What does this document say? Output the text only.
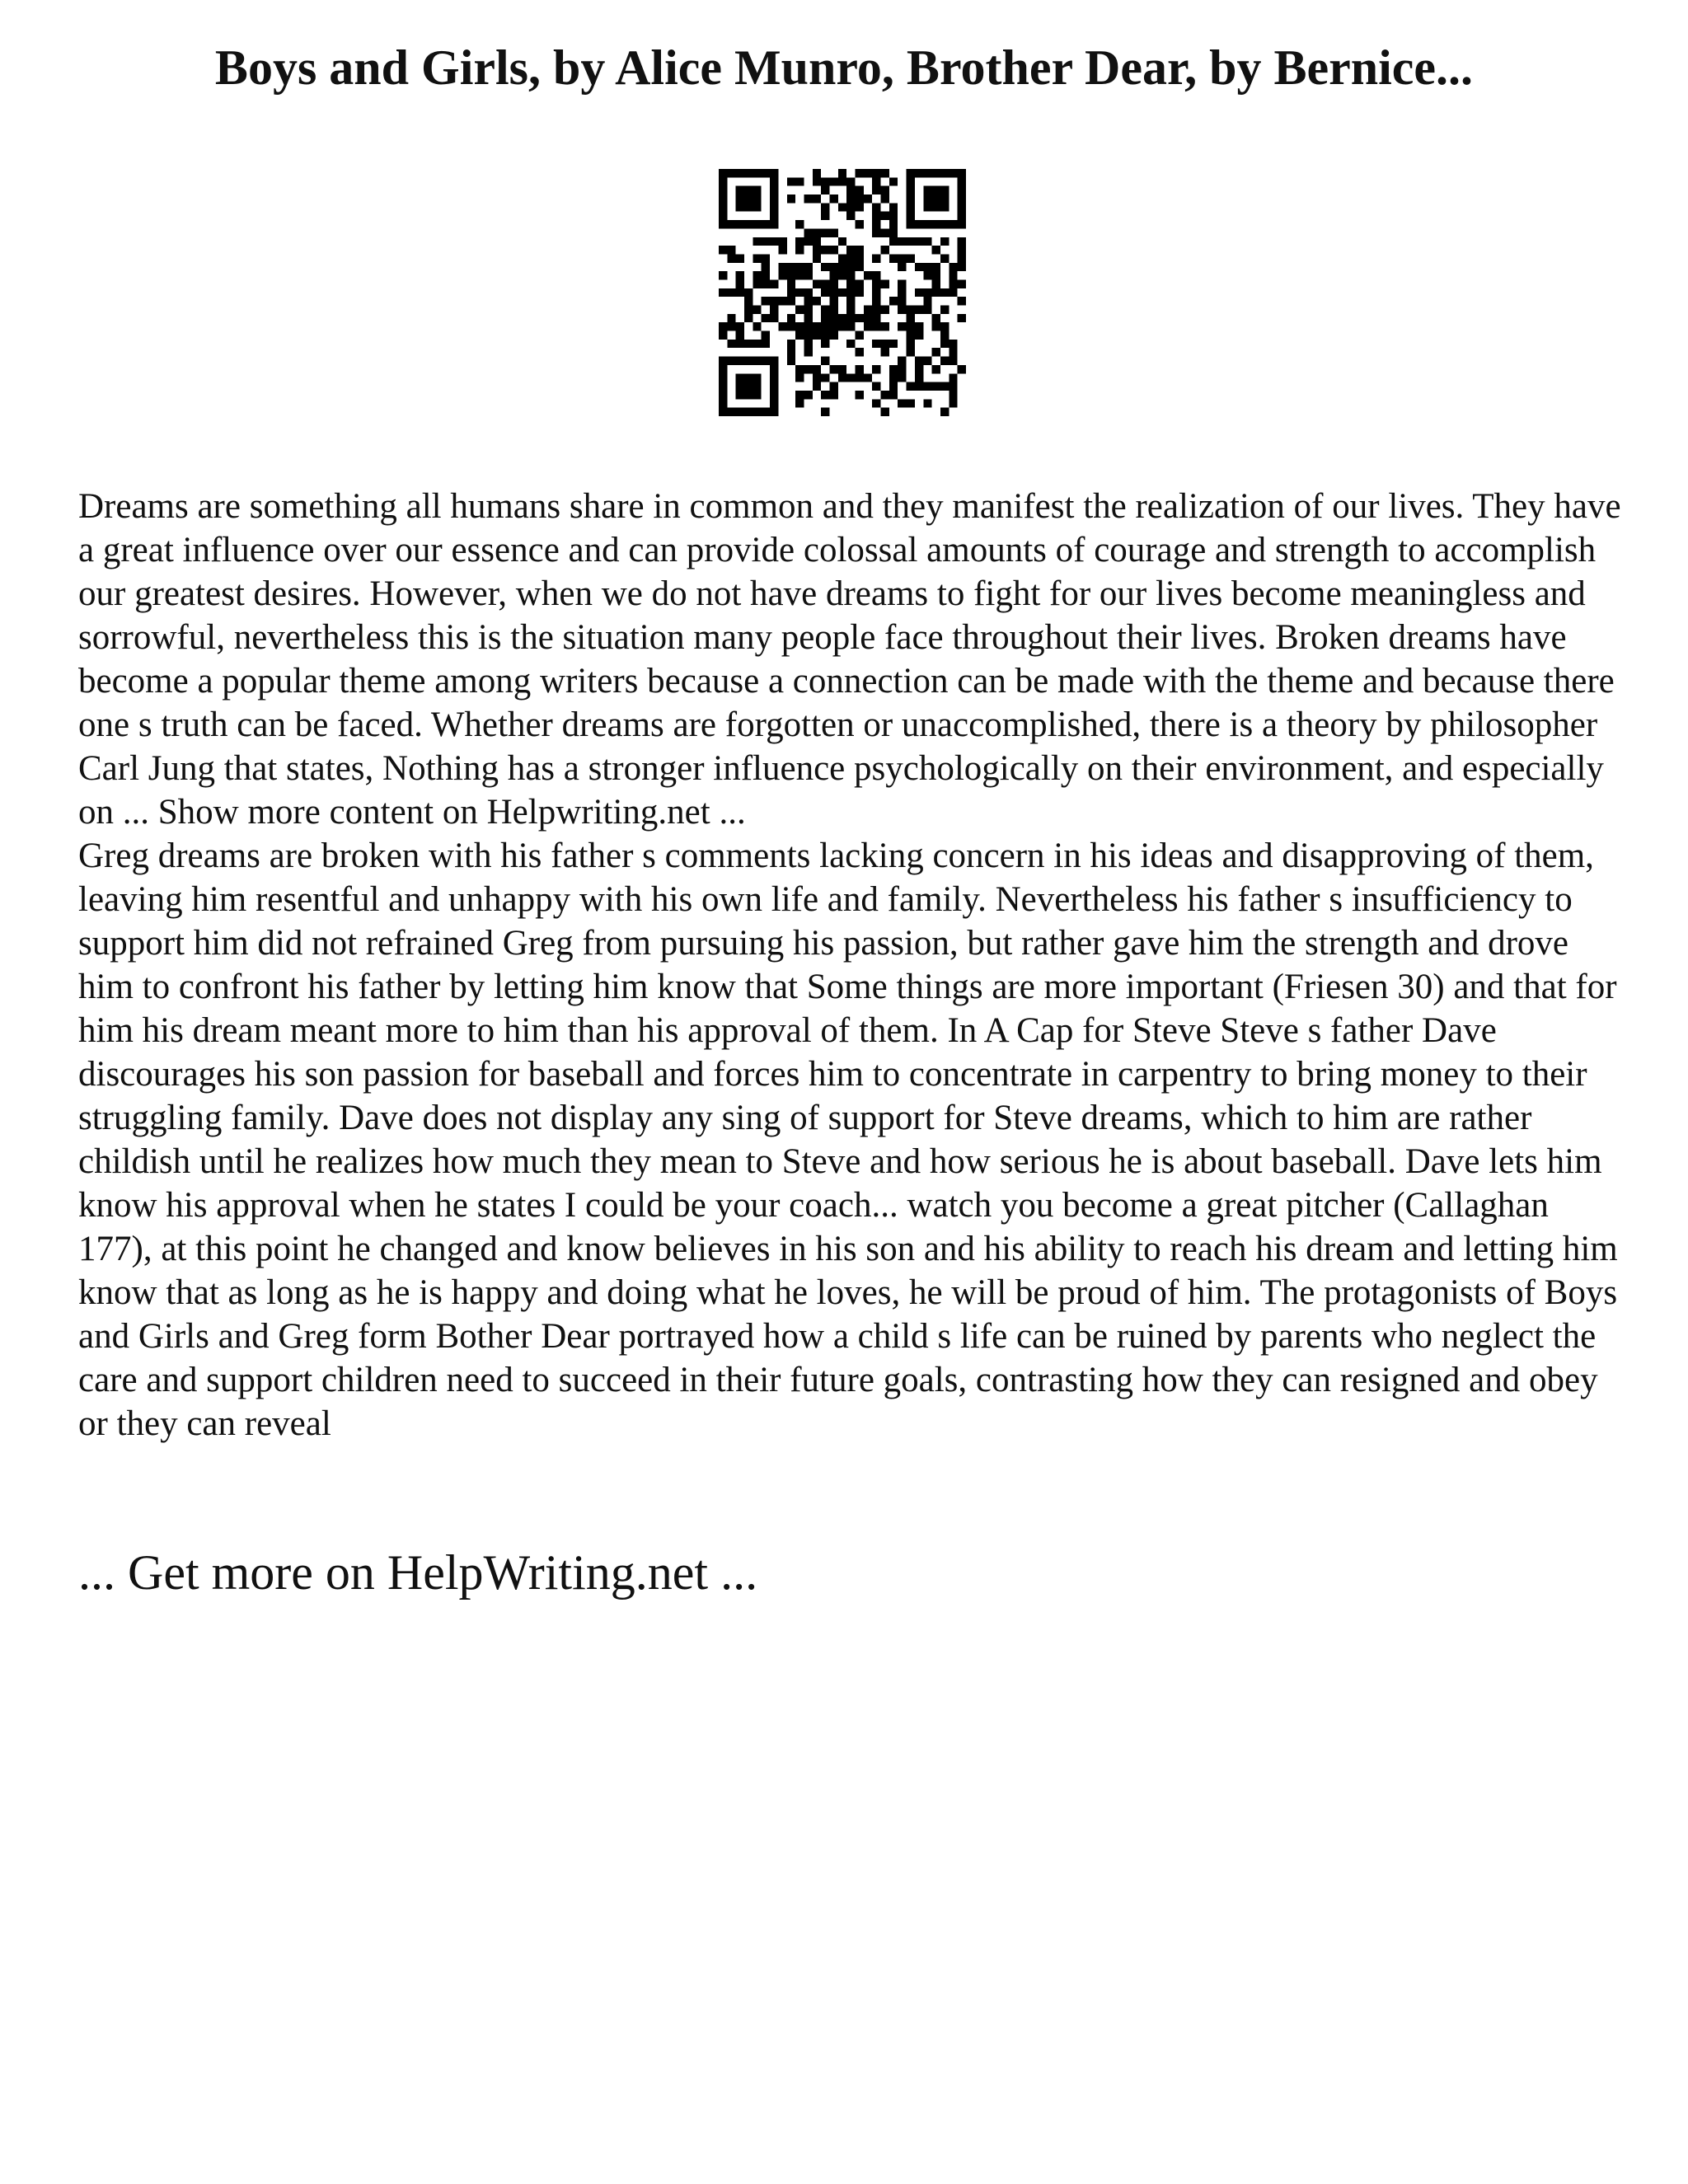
Boys and Girls, by Alice Munro, Brother Dear, by Bernice...

Dreams are something all humans share in common and they manifest the realization of our lives. They have a great influence over our essence and can provide colossal amounts of courage and strength to accomplish our greatest desires. However, when we do not have dreams to fight for our lives become meaningless and sorrowful, nevertheless this is the situation many people face throughout their lives. Broken dreams have become a popular theme among writers because a connection can be made with the theme and because there one s truth can be faced. Whether dreams are forgotten or unaccomplished, there is a theory by philosopher Carl Jung that states, Nothing has a stronger influence psychologically on their environment, and especially on ... Show more content on Helpwriting.net ...

Greg dreams are broken with his father s comments lacking concern in his ideas and disapproving of them, leaving him resentful and unhappy with his own life and family. Nevertheless his father s insufficiency to support him did not refrained Greg from pursuing his passion, but rather gave him the strength and drove him to confront his father by letting him know that Some things are more important (Friesen 30) and that for him his dream meant more to him than his approval of them. In A Cap for Steve Steve s father Dave discourages his son passion for baseball and forces him to concentrate in carpentry to bring money to their struggling family. Dave does not display any sing of support for Steve dreams, which to him are rather childish until he realizes how much they mean to Steve and how serious he is about baseball. Dave lets him know his approval when he states I could be your coach... watch you become a great pitcher (Callaghan 177), at this point he changed and know believes in his son and his ability to reach his dream and letting him know that as long as he is happy and doing what he loves, he will be proud of him. The protagonists of Boys and Girls and Greg form Bother Dear portrayed how a child s life can be ruined by parents who neglect the care and support children need to succeed in their future goals, contrasting how they can resigned and obey or they can reveal

... Get more on HelpWriting.net ...
